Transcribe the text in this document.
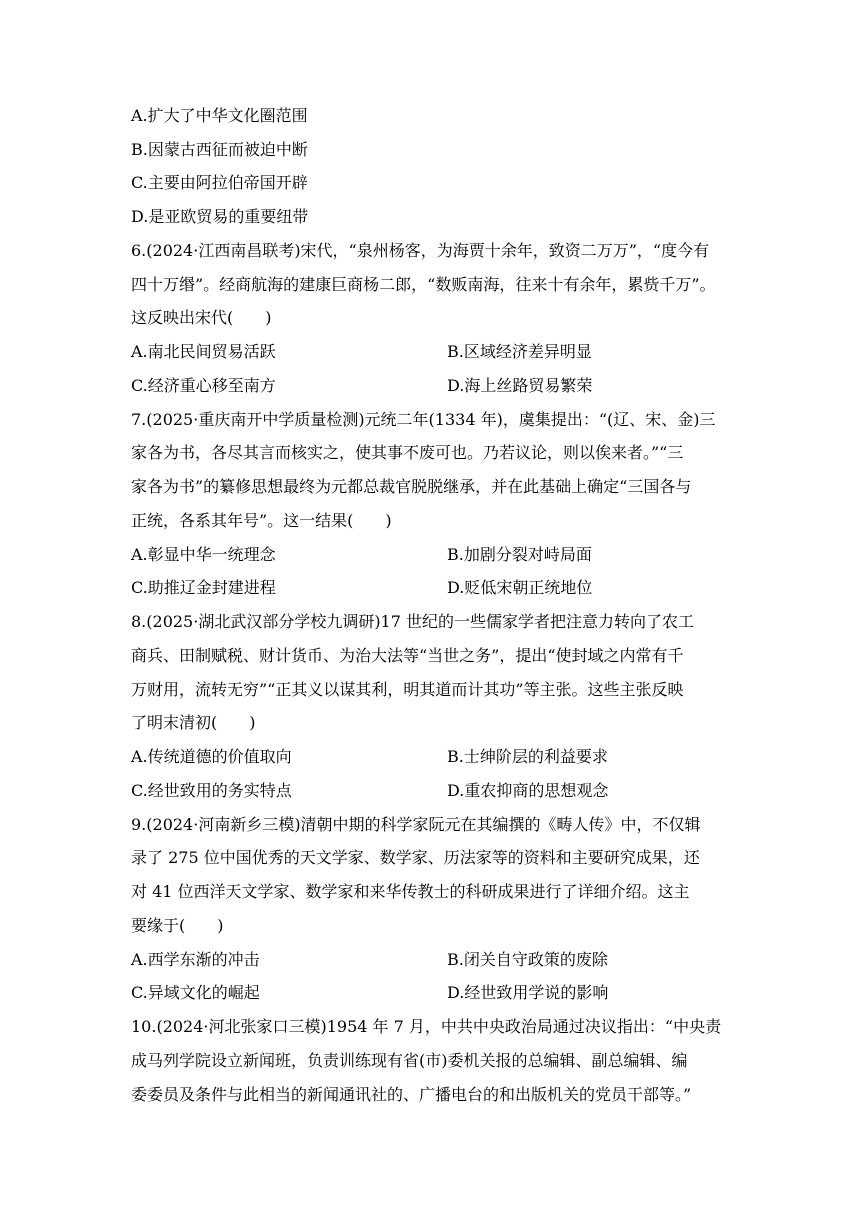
A.扩大了中华文化圈范围
B.因蒙古西征而被迫中断
C.主要由阿拉伯帝国开辟
D.是亚欧贸易的重要纽带
6.(2024·江西南昌联考)宋代，“泉州杨客，为海贾十余年，致资二万万”，“度今有
四十万缗”。经商航海的建康巨商杨二郎，“数贩南海，往来十有余年，累赀千万”。
这反映出宋代(　　)
A.南北民间贸易活跃	B.区域经济差异明显
C.经济重心移至南方	D.海上丝路贸易繁荣
7.(2025·重庆南开中学质量检测)元统二年(1334 年)，虞集提出：“(辽、宋、金)三
家各为书，各尽其言而核实之，使其事不废可也。乃若议论，则以俟来者。”“三
家各为书”的纂修思想最终为元都总裁官脱脱继承，并在此基础上确定“三国各与
正统，各系其年号”。这一结果(　　)
A.彰显中华一统理念	B.加剧分裂对峙局面
C.助推辽金封建进程	D.贬低宋朝正统地位
8.(2025·湖北武汉部分学校九调研)17 世纪的一些儒家学者把注意力转向了农工
商兵、田制赋税、财计货币、为治大法等“当世之务”，提出“使封域之内常有千
万财用，流转无穷”“正其义以谋其利，明其道而计其功”等主张。这些主张反映
了明末清初(　　)
A.传统道德的价值取向	B.士绅阶层的利益要求
C.经世致用的务实特点	D.重农抑商的思想观念
9.(2024·河南新乡三模)清朝中期的科学家阮元在其编撰的《畴人传》中，不仅辑
录了 275 位中国优秀的天文学家、数学家、历法家等的资料和主要研究成果，还
对 41 位西洋天文学家、数学家和来华传教士的科研成果进行了详细介绍。这主
要缘于(　　)
A.西学东渐的冲击	B.闭关自守政策的废除
C.异域文化的崛起	D.经世致用学说的影响
10.(2024·河北张家口三模)1954 年 7 月，中共中央政治局通过决议指出：“中央责
成马列学院设立新闻班，负责训练现有省(市)委机关报的总编辑、副总编辑、编
委委员及条件与此相当的新闻通讯社的、广播电台的和出版机关的党员干部等。”
